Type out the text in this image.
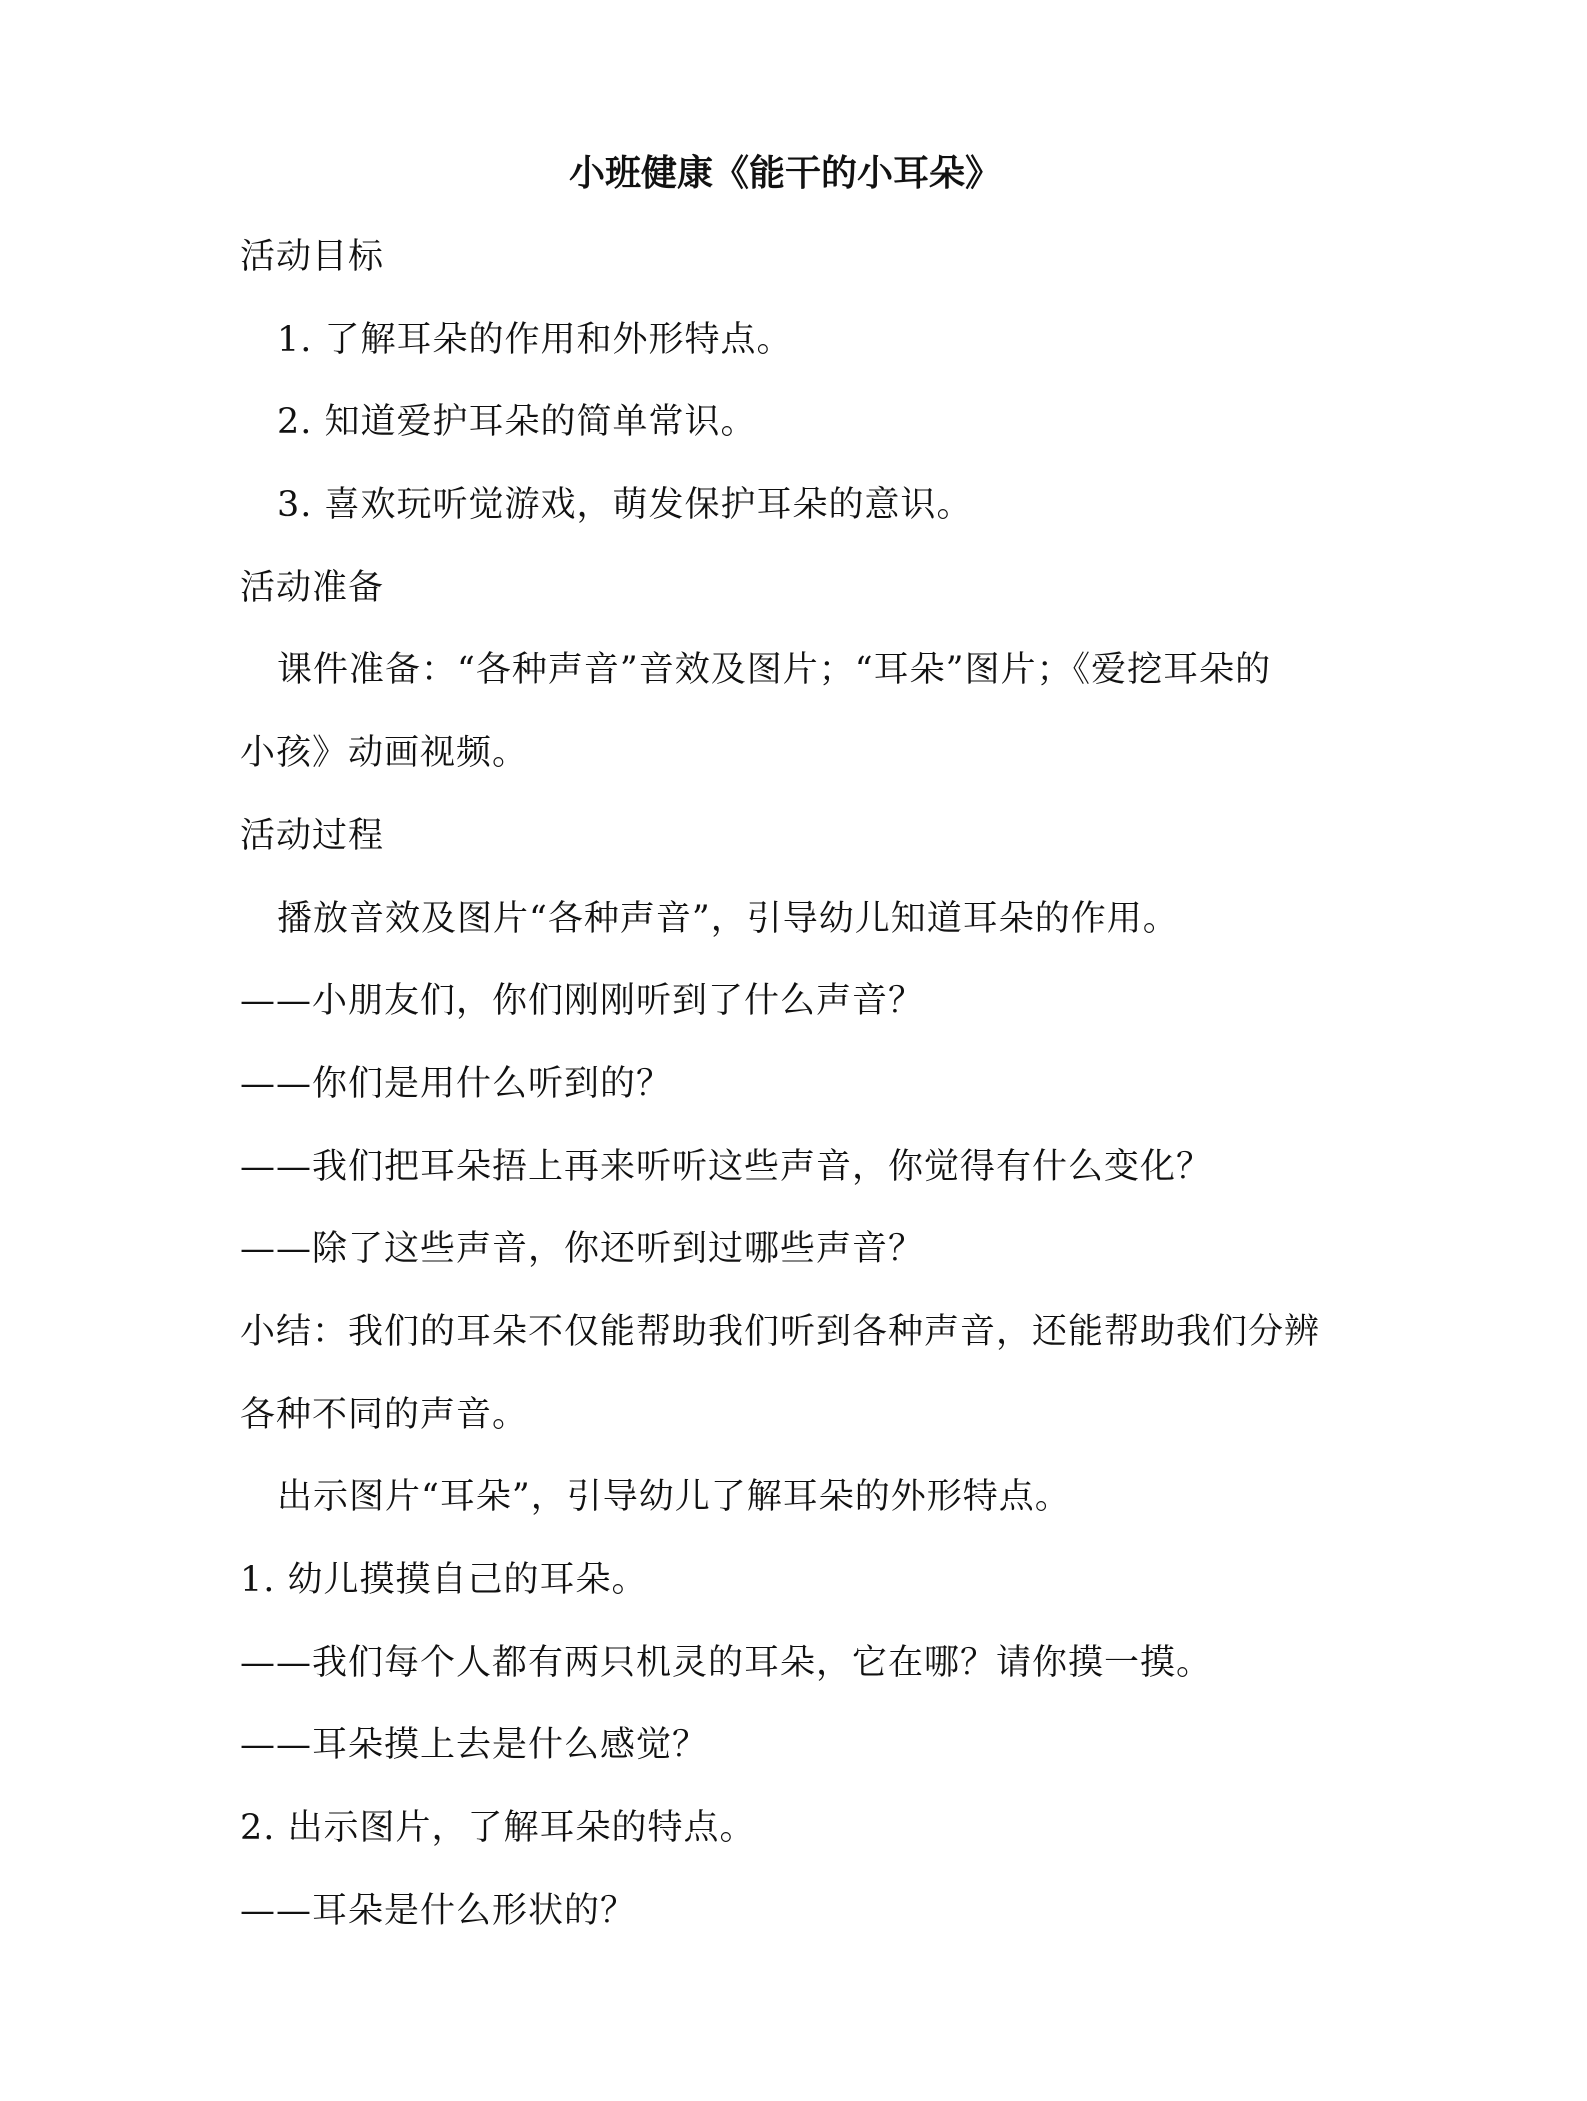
小班健康《能干的小耳朵》
活动目标
1. 了解耳朵的作用和外形特点。
2. 知道爱护耳朵的简单常识。
3. 喜欢玩听觉游戏，萌发保护耳朵的意识。
活动准备
课件准备：“各种声音”音效及图片；“耳朵”图片；《爱挖耳朵的
小孩》动画视频。
活动过程
播放音效及图片“各种声音”，引导幼儿知道耳朵的作用。
——小朋友们，你们刚刚听到了什么声音？
——你们是用什么听到的？
——我们把耳朵捂上再来听听这些声音，你觉得有什么变化？
——除了这些声音，你还听到过哪些声音？
小结：我们的耳朵不仅能帮助我们听到各种声音，还能帮助我们分辨
各种不同的声音。
出示图片“耳朵”，引导幼儿了解耳朵的外形特点。
1. 幼儿摸摸自己的耳朵。
——我们每个人都有两只机灵的耳朵，它在哪？请你摸一摸。
——耳朵摸上去是什么感觉？
2. 出示图片，了解耳朵的特点。
——耳朵是什么形状的？
